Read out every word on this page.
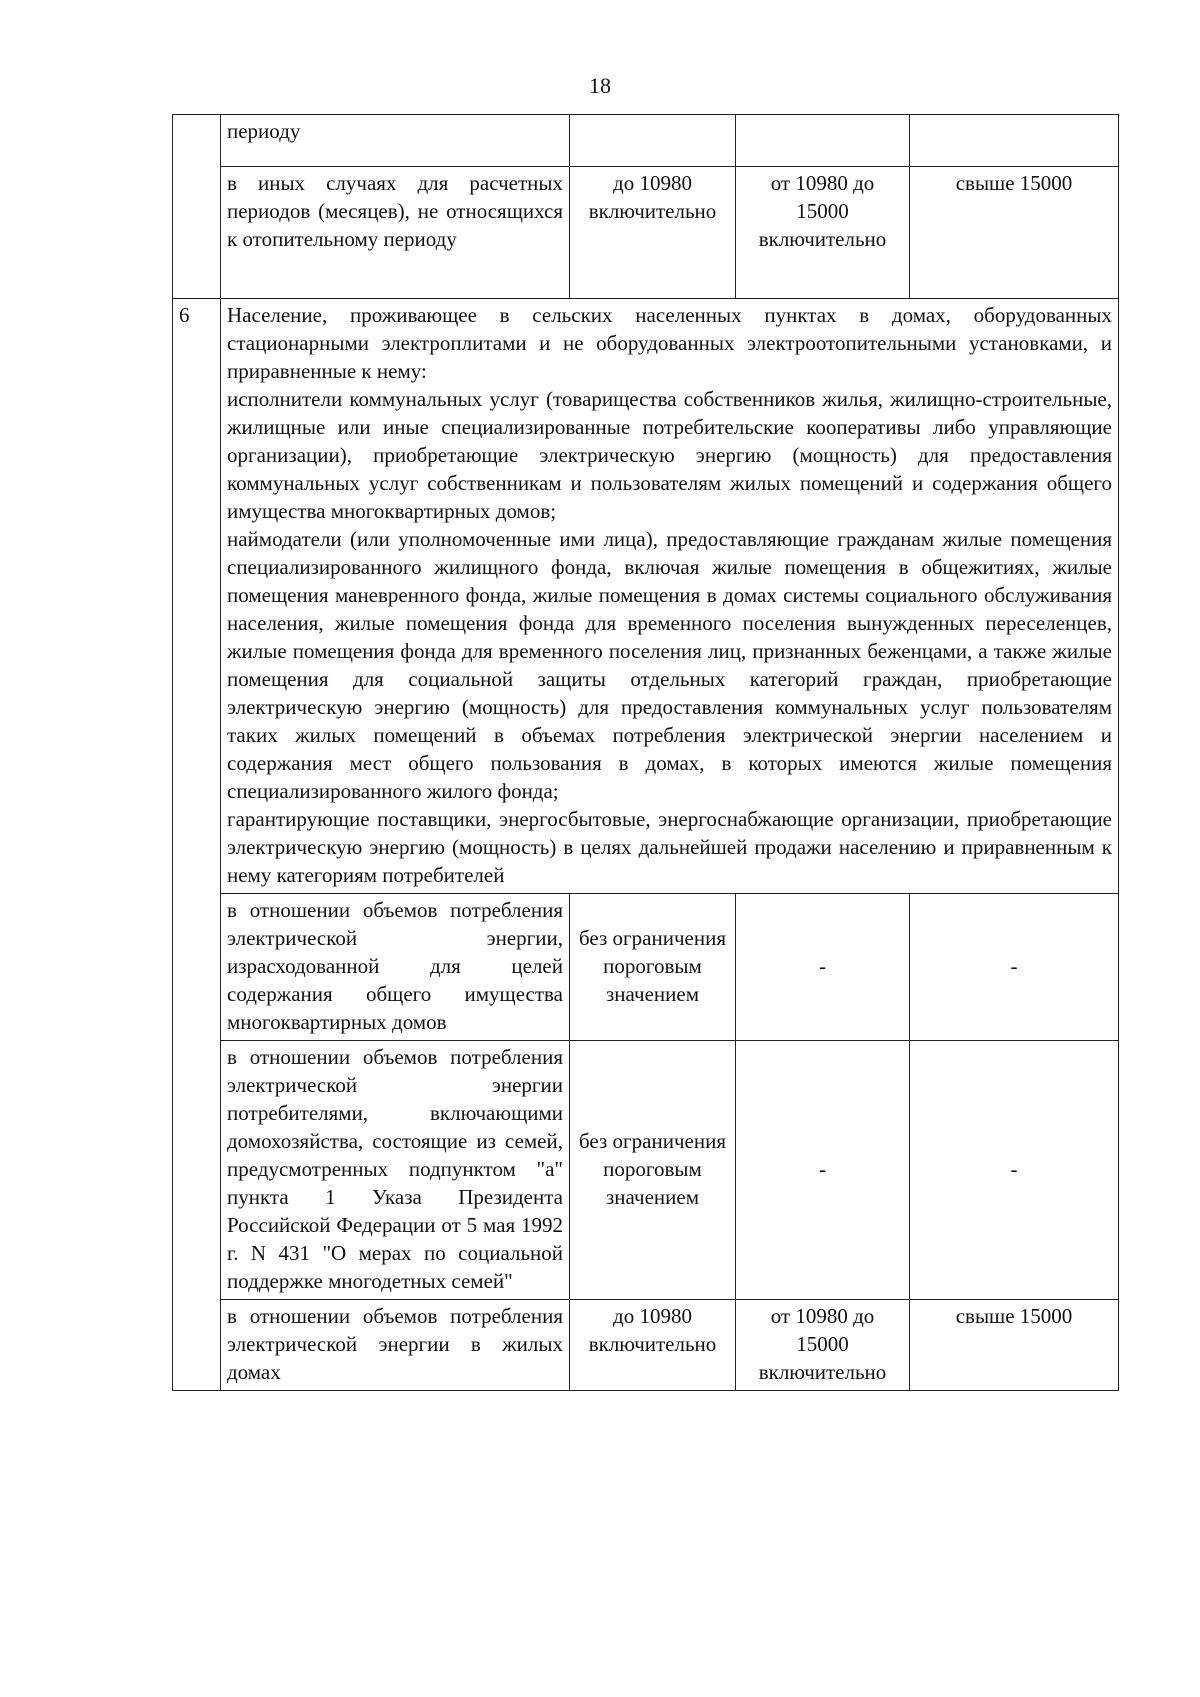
18
	периоду			
	в иных случаях для расчетных периодов (месяцев), не относящихся к отопительному периоду	до 10980 включительно	от 10980 до 15000 включительно	свыше 15000
6	Население, проживающее в сельских населенных пунктах в домах, оборудованных стационарными электроплитами и не оборудованных электроотопительными установками, и приравненные к нему:

исполнители коммунальных услуг (товарищества собственников жилья, жилищно-строительные, жилищные или иные специализированные потребительские кооперативы либо управляющие организации), приобретающие электрическую энергию (мощность) для предоставления коммунальных услуг собственникам и пользователям жилых помещений и содержания общего имущества многоквартирных домов;

наймодатели (или уполномоченные ими лица), предоставляющие гражданам жилые помещения специализированного жилищного фонда, включая жилые помещения в общежитиях, жилые помещения маневренного фонда, жилые помещения в домах системы социального обслуживания населения, жилые помещения фонда для временного поселения вынужденных переселенцев, жилые помещения фонда для временного поселения лиц, признанных беженцами, а также жилые помещения для социальной защиты отдельных категорий граждан, приобретающие электрическую энергию (мощность) для предоставления коммунальных услуг пользователям таких жилых помещений в объемах потребления электрической энергии населением и содержания мест общего пользования в домах, в которых имеются жилые помещения специализированного жилого фонда;

гарантирующие поставщики, энергосбытовые, энергоснабжающие организации, приобретающие электрическую энергию (мощность) в целях дальнейшей продажи населению и приравненным к нему категориям потребителей			

	в отношении объемов потребления электрической энергии, израсходованной для целей содержания общего имущества многоквартирных домов	без ограничения пороговым значением	-	-
	в отношении объемов потребления электрической энергии потребителями, включающими домохозяйства, состоящие из семей, предусмотренных подпунктом "а" пункта 1 Указа Президента Российской Федерации от 5 мая 1992 г. N 431 "О мерах по социальной поддержке многодетных семей"	без ограничения пороговым значением	-	-
	в отношении объемов потребления электрической энергии в жилых домах	до 10980 включительно	от 10980 до 15000 включительно	свыше 15000
